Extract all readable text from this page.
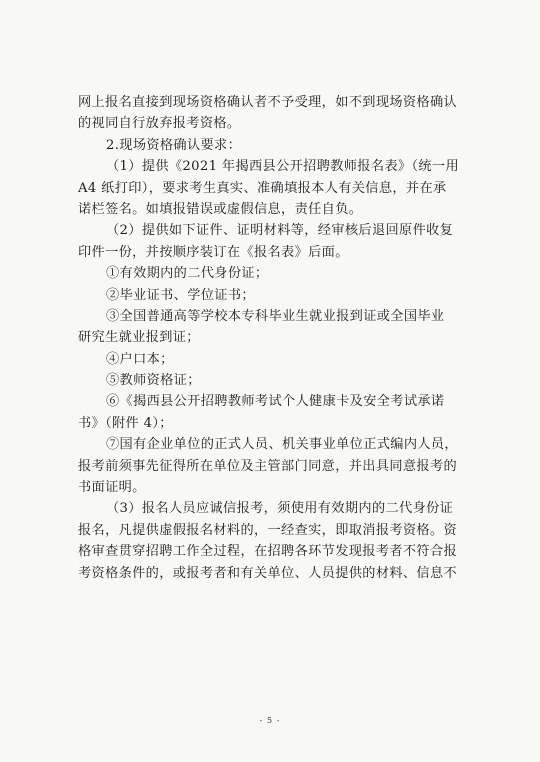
网上报名直接到现场资格确认者不予受理，如不到现场资格确认
的视同自行放弃报考资格。
2.现场资格确认要求：
（1）提供《2021 年揭西县公开招聘教师报名表》（统一用
A4 纸打印），要求考生真实、准确填报本人有关信息，并在承
诺栏签名。如填报错误或虚假信息，责任自负。
（2）提供如下证件、证明材料等，经审核后退回原件收复
印件一份，并按顺序装订在《报名表》后面。
①有效期内的二代身份证；
②毕业证书、学位证书；
③全国普通高等学校本专科毕业生就业报到证或全国毕业
研究生就业报到证；
④户口本；
⑤教师资格证；
⑥《揭西县公开招聘教师考试个人健康卡及安全考试承诺
书》（附件 4）；
⑦国有企业单位的正式人员、机关事业单位正式编内人员，
报考前须事先征得所在单位及主管部门同意，并出具同意报考的
书面证明。
（3）报名人员应诚信报考，须使用有效期内的二代身份证
报名，凡提供虚假报名材料的，一经查实，即取消报考资格。资
格审查贯穿招聘工作全过程，在招聘各环节发现报考者不符合报
考资格条件的，或报考者和有关单位、人员提供的材料、信息不
- 5 -
